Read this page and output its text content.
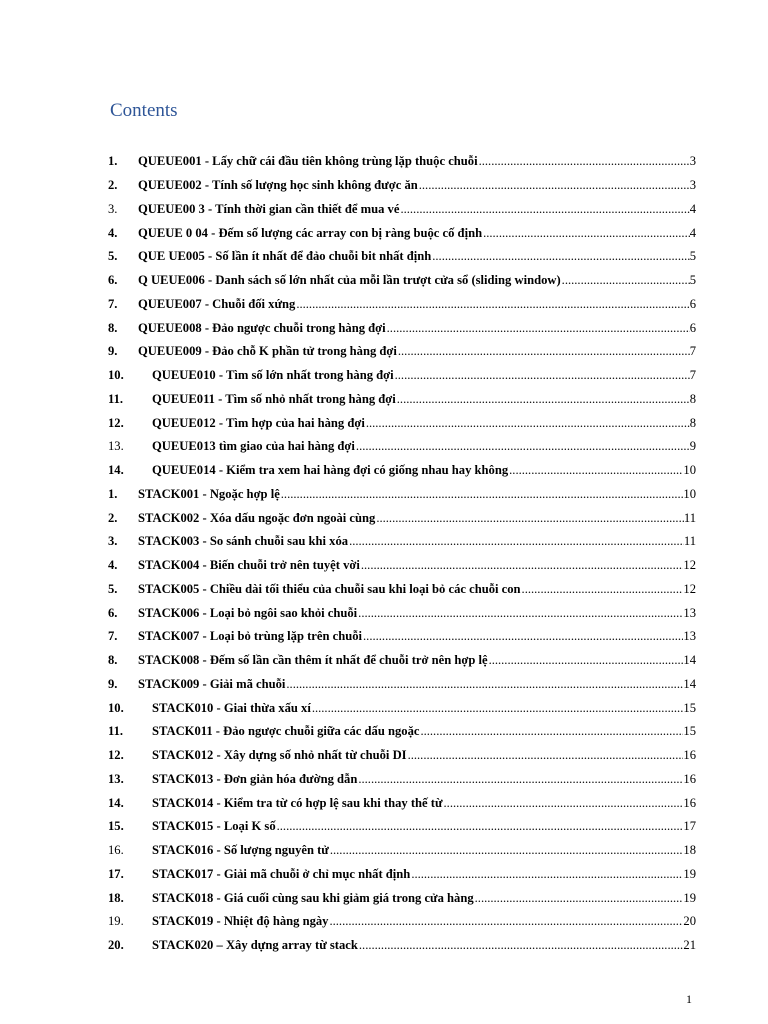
Contents
1.	QUEUE001 - Lấy chữ cái đầu tiên không trùng lặp thuộc chuỗi .....	3
2.	QUEUE002 - Tính số lượng học sinh không được ăn .....	3
3.	QUEUE00 3 - Tính thời gian cần thiết để mua vé .....	4
4.	QUEUE 0 04 - Đếm số lượng các array con bị ràng buộc cố định .....	4
5.	QUE UE005 - Số lần ít nhất để đảo chuỗi bit nhất định .....	5
6.	Q UEUE006 - Danh sách số lớn nhất của mỗi lần trượt cửa sổ (sliding window) .....	5
7.	QUEUE007 - Chuỗi đối xứng .....	6
8.	QUEUE008 - Đảo ngược chuỗi trong hàng đợi .....	6
9.	QUEUE009 - Đảo chỗ K phần tử trong hàng đợi .....	7
10.	QUEUE010 - Tìm số lớn nhất trong hàng đợi .....	7
11.	QUEUE011 - Tìm số nhỏ nhất trong hàng đợi .....	8
12.	QUEUE012 - Tìm hợp của hai hàng đợi .....	8
13.	QUEUE013 tìm giao của hai hàng đợi .....	9
14.	QUEUE014 - Kiểm tra xem hai hàng đợi có giống nhau hay không .....	10
1.	STACK001 - Ngoặc hợp lệ .....	10
2.	STACK002 - Xóa dấu ngoặc đơn ngoài cùng .....	11
3.	STACK003 - So sánh chuỗi sau khi xóa .....	11
4.	STACK004 - Biến chuỗi trở nên tuyệt vời .....	12
5.	STACK005 - Chiều dài tối thiểu của chuỗi sau khi loại bỏ các chuỗi con .....	12
6.	STACK006 - Loại bỏ ngôi sao khỏi chuỗi .....	13
7.	STACK007 - Loại bỏ trùng lặp trên chuỗi .....	13
8.	STACK008 - Đếm số lần cần thêm ít nhất để chuỗi trở nên hợp lệ .....	14
9.	STACK009 - Giải mã chuỗi .....	14
10.	STACK010 - Giai thừa xấu xí .....	15
11.	STACK011 - Đảo ngược chuỗi giữa các dấu ngoặc .....	15
12.	STACK012 - Xây dựng số nhỏ nhất từ chuỗi DI .....	16
13.	STACK013 - Đơn giản hóa đường dẫn .....	16
14.	STACK014 - Kiểm tra từ có hợp lệ sau khi thay thế từ .....	16
15.	STACK015 - Loại K số .....	17
16.	STACK016 - Số lượng nguyên tử .....	18
17.	STACK017 - Giải mã chuỗi ở chỉ mục nhất định .....	19
18.	STACK018 - Giá cuối cùng sau khi giảm giá trong cửa hàng .....	19
19.	STACK019 - Nhiệt độ hàng ngày .....	20
20.	STACK020 – Xây dựng array từ stack .....	21
1
